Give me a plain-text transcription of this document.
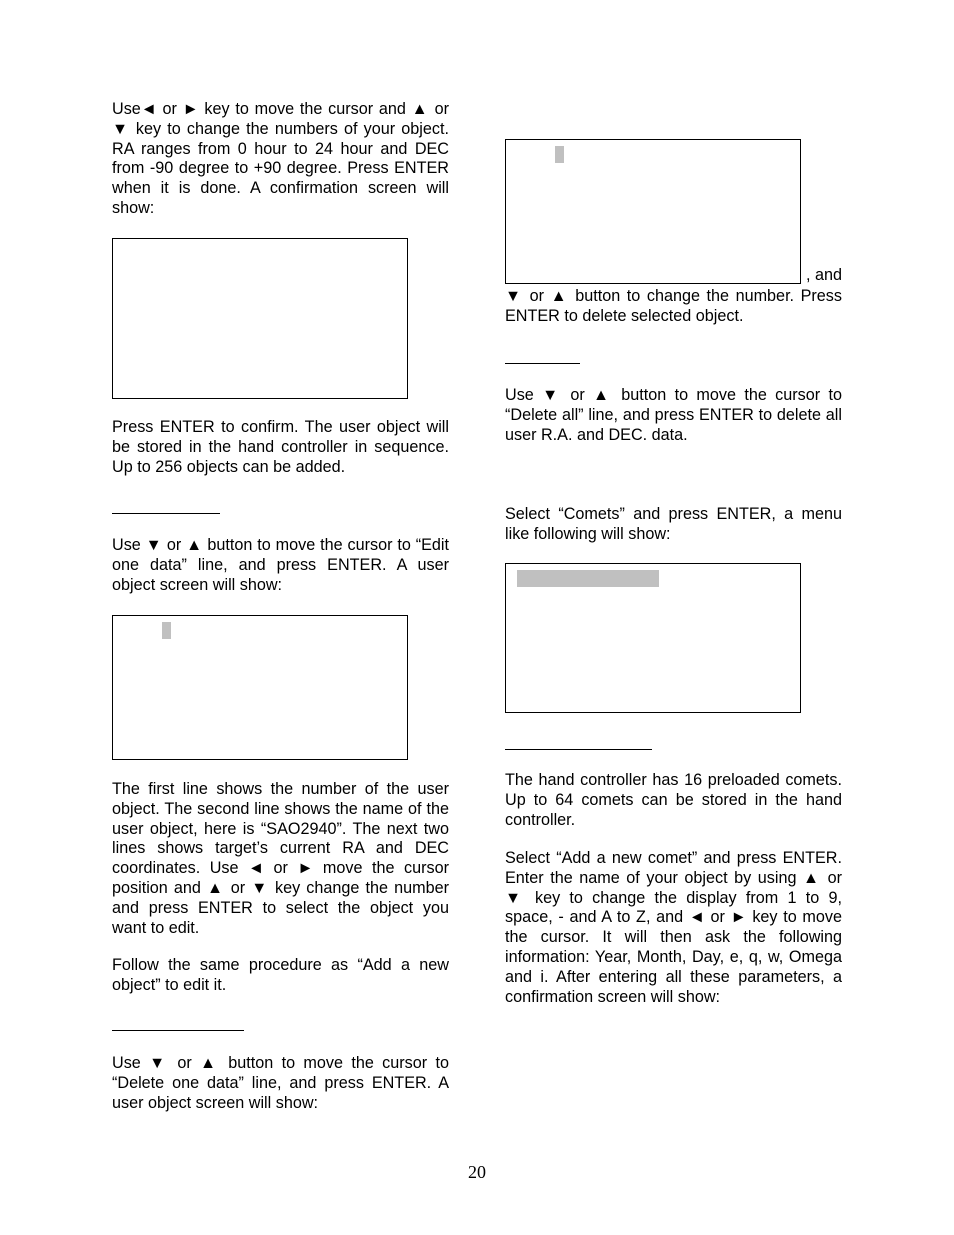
Use◄ or ► key to move the cursor and ▲ or ▼ key to change the numbers of your object. RA ranges from 0 hour to 24 hour and DEC from -90 degree to +90 degree. Press ENTER when it is done. A confirmation screen will show:

Press ENTER to confirm. The user object will be stored in the hand controller in sequence. Up to 256 objects can be added.

Use ▼ or ▲ button to move the cursor to “Edit one data” line, and press ENTER. A user object screen will show:

The first line shows the number of the user object. The second line shows the name of the user object, here is “SAO2940”. The next two lines shows target’s current RA and DEC coordinates. Use ◄ or ► move the cursor position and ▲ or ▼ key change the number and press ENTER to select the object you want to edit.

Follow the same procedure as “Add a new object” to edit it.

Use ▼ or ▲ button to move the cursor to “Delete one data” line, and press ENTER. A user object screen will show:

, and

▼ or ▲ button to change the number. Press ENTER to delete selected object.

Use ▼ or ▲ button to move the cursor to “Delete all” line, and press ENTER to delete all user R.A. and DEC. data.

Select “Comets” and press ENTER, a menu like following will show:

The hand controller has 16 preloaded comets. Up to 64 comets can be stored in the hand controller.

Select “Add a new comet” and press ENTER. Enter the name of your object by using ▲ or ▼ key to change the display from 1 to 9, space, - and A to Z, and ◄ or ► key to move the cursor. It will then ask the following information: Year, Month, Day, e, q, w, Omega and i. After entering all these parameters, a confirmation screen will show:

20
